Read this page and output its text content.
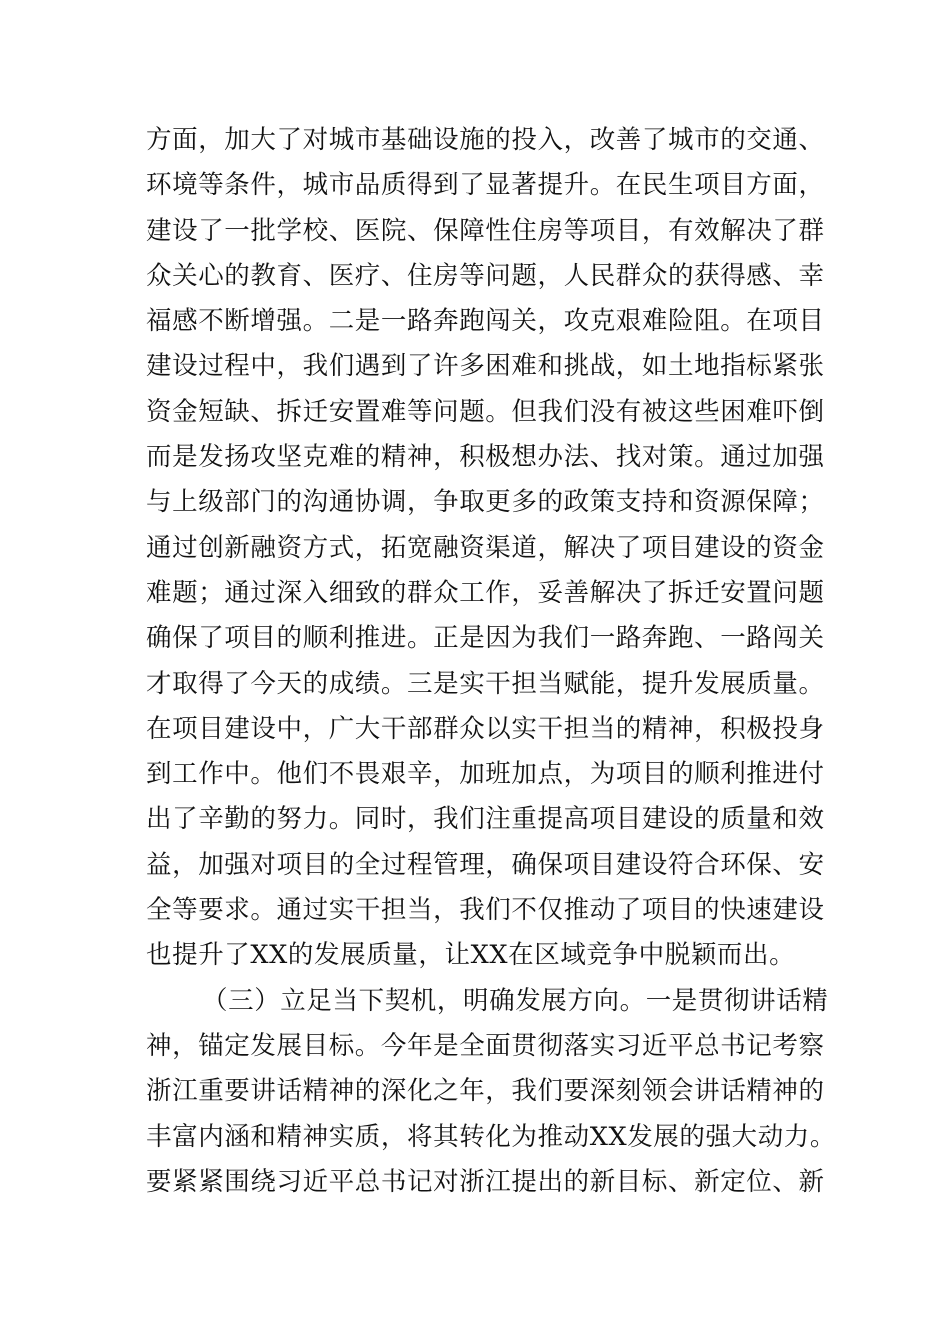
方面，加大了对城市基础设施的投入，改善了城市的交通、
环境等条件，城市品质得到了显著提升。在民生项目方面，
建设了一批学校、医院、保障性住房等项目，有效解决了群
众关心的教育、医疗、住房等问题，人民群众的获得感、幸
福感不断增强。二是一路奔跑闯关，攻克艰难险阻。在项目
建设过程中，我们遇到了许多困难和挑战，如土地指标紧张
资金短缺、拆迁安置难等问题。但我们没有被这些困难吓倒
而是发扬攻坚克难的精神，积极想办法、找对策。通过加强
与上级部门的沟通协调，争取更多的政策支持和资源保障；
通过创新融资方式，拓宽融资渠道，解决了项目建设的资金
难题；通过深入细致的群众工作，妥善解决了拆迁安置问题
确保了项目的顺利推进。正是因为我们一路奔跑、一路闯关
才取得了今天的成绩。三是实干担当赋能，提升发展质量。
在项目建设中，广大干部群众以实干担当的精神，积极投身
到工作中。他们不畏艰辛，加班加点，为项目的顺利推进付
出了辛勤的努力。同时，我们注重提高项目建设的质量和效
益，加强对项目的全过程管理，确保项目建设符合环保、安
全等要求。通过实干担当，我们不仅推动了项目的快速建设
也提升了XX的发展质量，让XX在区域竞争中脱颖而出。
（三）立足当下契机，明确发展方向。一是贯彻讲话精
神，锚定发展目标。今年是全面贯彻落实习近平总书记考察
浙江重要讲话精神的深化之年，我们要深刻领会讲话精神的
丰富内涵和精神实质，将其转化为推动XX发展的强大动力。
要紧紧围绕习近平总书记对浙江提出的新目标、新定位、新
